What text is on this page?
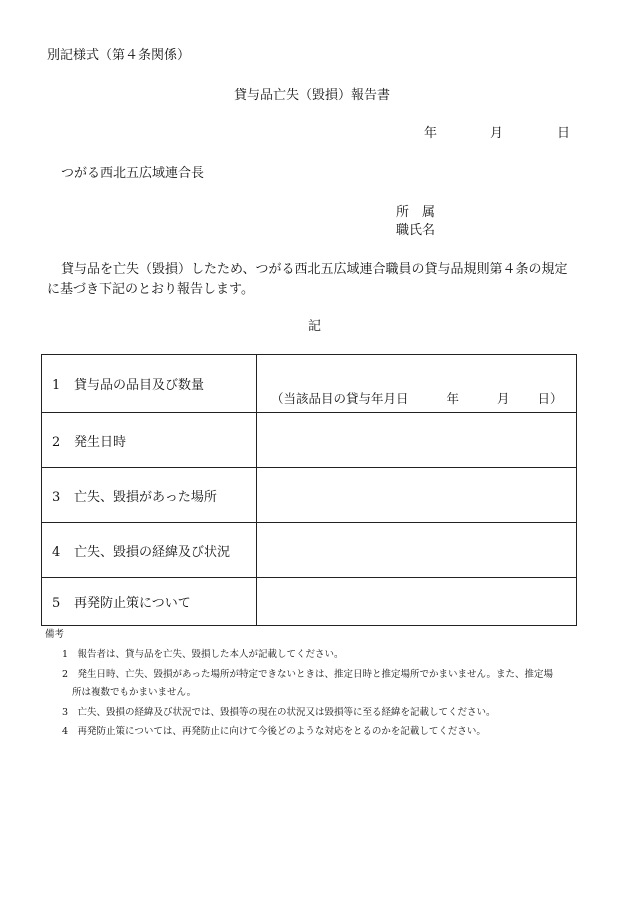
別記様式（第４条関係）
貸与品亡失（毀損）報告書
年	月	日
つがる西北五広域連合長
所　属
職氏名
貸与品を亡失（毀損）したため、つがる西北五広域連合職員の貸与品規則第４条の規定
に基づき下記のとおり報告します。
記
1 貸与品の品目及び数量	（当該品目の貸与年月日 年 月 日）

2 発生日時	
3 亡失、毀損があった場所	
4 亡失、毀損の経緯及び状況	
5 再発防止策について	
備考
1　報告者は、貸与品を亡失、毀損した本人が記載してください。
2　発生日時、亡失、毀損があった場所が特定できないときは、推定日時と推定場所でかまいません。また、推定場
所は複数でもかまいません。
3　亡失、毀損の経緯及び状況では、毀損等の現在の状況又は毀損等に至る経緯を記載してください。
4　再発防止策については、再発防止に向けて今後どのような対応をとるのかを記載してください。
